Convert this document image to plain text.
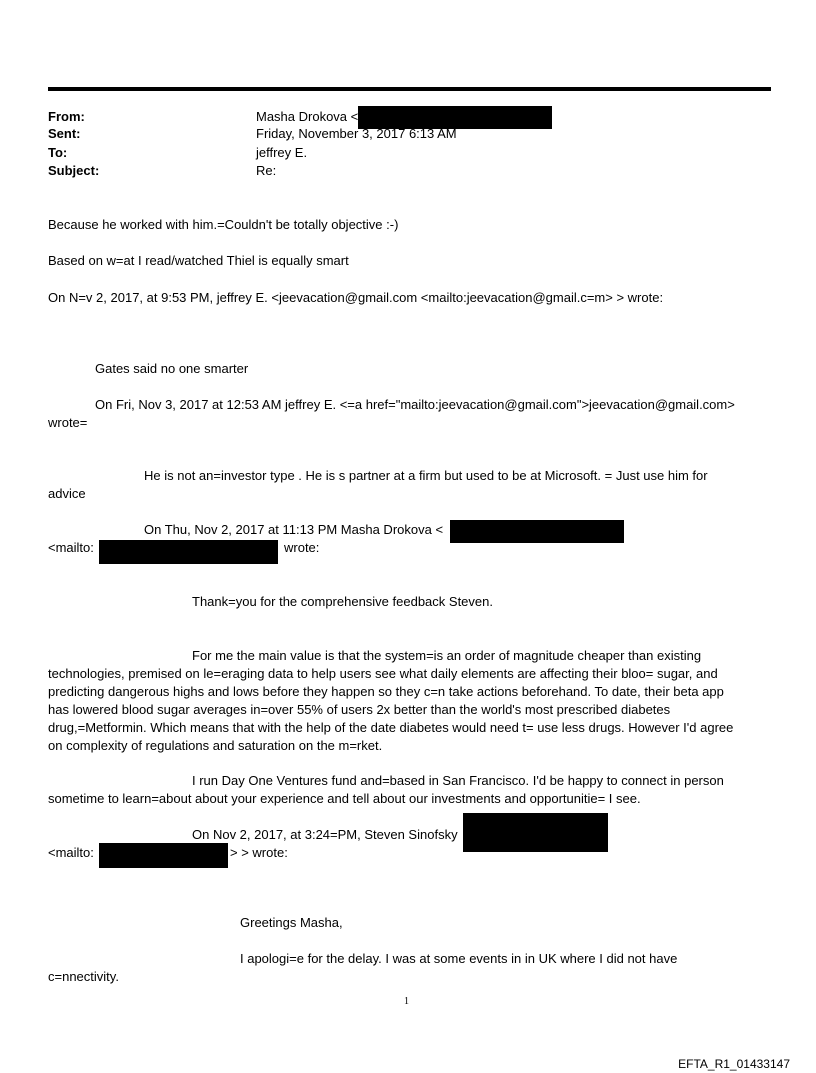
From:	Masha Drokova <
Sent:	Friday, November 3, 2017 6:13 AM
To:	jeffrey E.
Subject:	Re:
Because he worked with him.=Couldn't be totally objective :-)
Based on w=at I read/watched Thiel is equally smart
On N=v 2, 2017, at 9:53 PM, jeffrey E. <jeevacation@gmail.com <mailto:jeevacation@gmail.c=m> > wrote:
Gates said no one smarter
On Fri, Nov 3, 2017 at 12:53 AM jeffrey E. <=a href="mailto:jeevacation@gmail.com">jeevacation@gmail.com>
wrote=
He is not an=investor type . He is s partner at a firm but used to be at Microsoft. = Just use him for
advice
On Thu, Nov 2, 2017 at 11:13 PM Masha Drokova <
<mailto:	wrote:
Thank=you for the comprehensive feedback Steven.
For me the main value is that the system=is an order of magnitude cheaper than existing
technologies, premised on le=eraging data to help users see what daily elements are affecting their bloo= sugar, and
predicting dangerous highs and lows before they happen so they c=n take actions beforehand. To date, their beta app
has lowered blood sugar averages in=over 55% of users 2x better than the world's most prescribed diabetes
drug,=Metformin. Which means that with the help of the date diabetes would need t= use less drugs. However I'd agree
on complexity of regulations and saturation on the m=rket.
I run Day One Ventures fund and=based in San Francisco. I'd be happy to connect in person
sometime to learn=about about your experience and tell about our investments and opportunitie= I see.
On Nov 2, 2017, at 3:24=PM, Steven Sinofsky
<mailto:	> > wrote:
Greetings Masha,
I apologi=e for the delay. I was at some events in in UK where I did not have
c=nnectivity.
1
EFTA_R1_01433147
